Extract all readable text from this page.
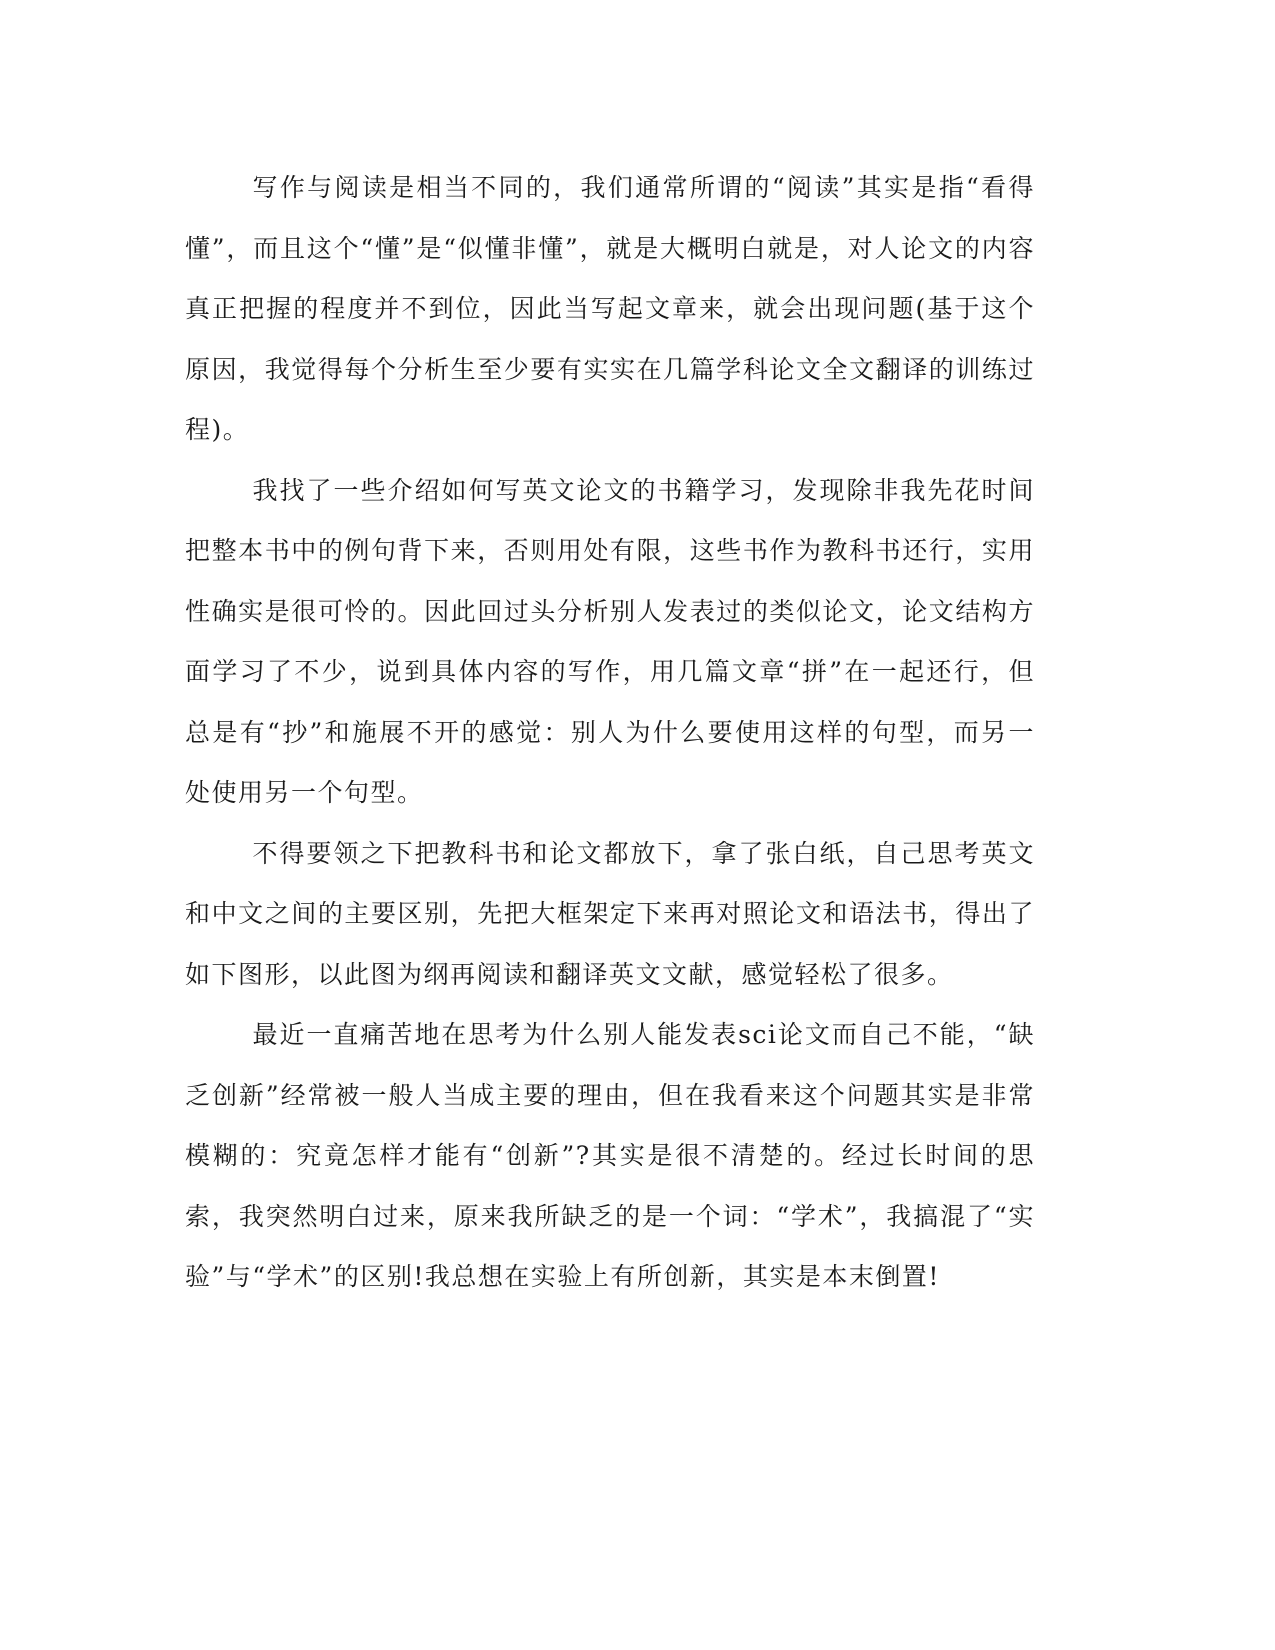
写作与阅读是相当不同的，我们通常所谓的“阅读”其实是指“看得懂”，而且这个“懂”是“似懂非懂”，就是大概明白就是，对人论文的内容真正把握的程度并不到位，因此当写起文章来，就会出现问题(基于这个原因，我觉得每个分析生至少要有实实在几篇学科论文全文翻译的训练过程)。

我找了一些介绍如何写英文论文的书籍学习，发现除非我先花时间把整本书中的例句背下来，否则用处有限，这些书作为教科书还行，实用性确实是很可怜的。因此回过头分析别人发表过的类似论文，论文结构方面学习了不少，说到具体内容的写作，用几篇文章“拼”在一起还行，但总是有“抄”和施展不开的感觉：别人为什么要使用这样的句型，而另一处使用另一个句型。

不得要领之下把教科书和论文都放下，拿了张白纸，自己思考英文和中文之间的主要区别，先把大框架定下来再对照论文和语法书，得出了如下图形，以此图为纲再阅读和翻译英文文献，感觉轻松了很多。

最近一直痛苦地在思考为什么别人能发表sci论文而自己不能，“缺乏创新”经常被一般人当成主要的理由，但在我看来这个问题其实是非常模糊的：究竟怎样才能有“创新”?其实是很不清楚的。经过长时间的思索，我突然明白过来，原来我所缺乏的是一个词：“学术”，我搞混了“实验”与“学术”的区别!我总想在实验上有所创新，其实是本末倒置!
